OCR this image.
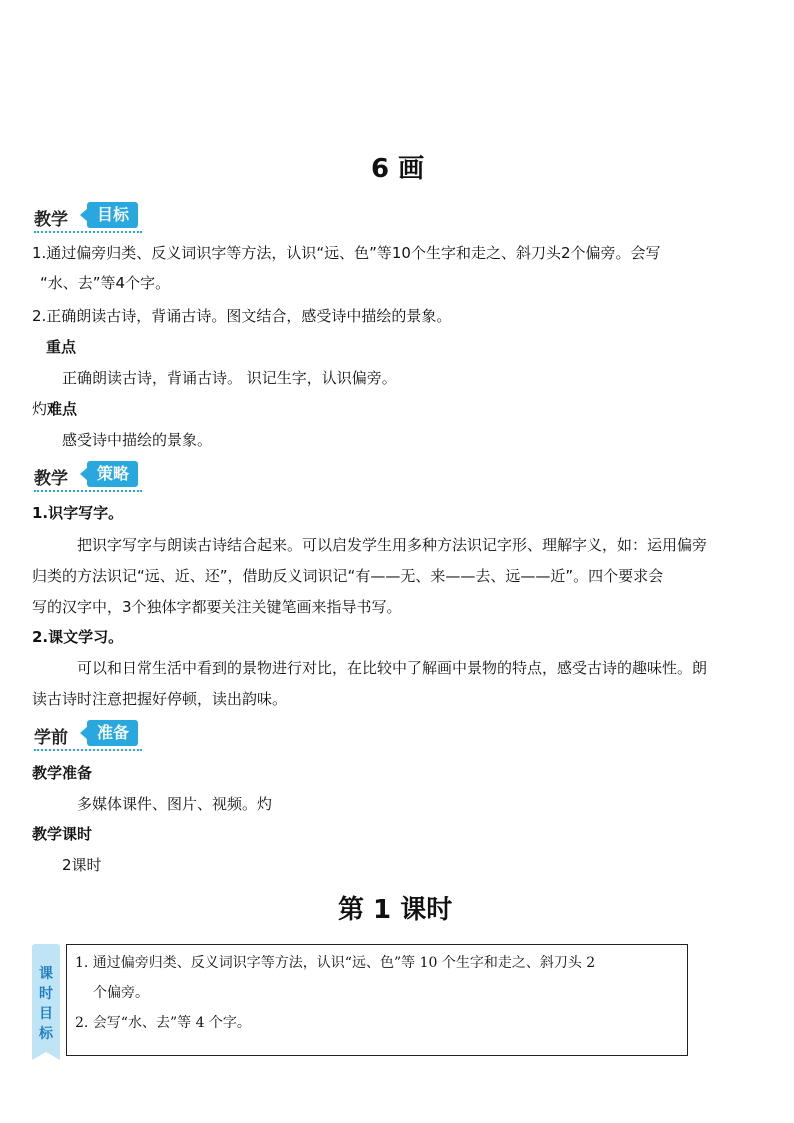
6 画
教学	目标
1.通过偏旁归类、反义词识字等方法，认识“远、色”等10个生字和走之、斜刀头2个偏旁。会写
“水、去”等4个字。
2.正确朗读古诗，背诵古诗。图文结合，感受诗中描绘的景象。
重点
正确朗读古诗，背诵古诗。 识记生字，认识偏旁。
灼难点
感受诗中描绘的景象。
教学	策略
1.识字写字。
把识字写字与朗读古诗结合起来。可以启发学生用多种方法识记字形、理解字义，如：运用偏旁
归类的方法识记“远、近、还”，借助反义词识记“有——无、来——去、远——近”。四个要求会
写的汉字中，3个独体字都要关注关键笔画来指导书写。
2.课文学习。
可以和日常生活中看到的景物进行对比，在比较中了解画中景物的特点，感受古诗的趣味性。朗
读古诗时注意把握好停顿，读出韵味。
学前	准备
教学准备
多媒体课件、图片、视频。灼
教学课时
2课时
第 1 课时
课时目标
1. 通过偏旁归类、反义词识字等方法，认识“远、色”等 10 个生字和走之、斜刀头 2
个偏旁。
2. 会写“水、去”等 4 个字。
